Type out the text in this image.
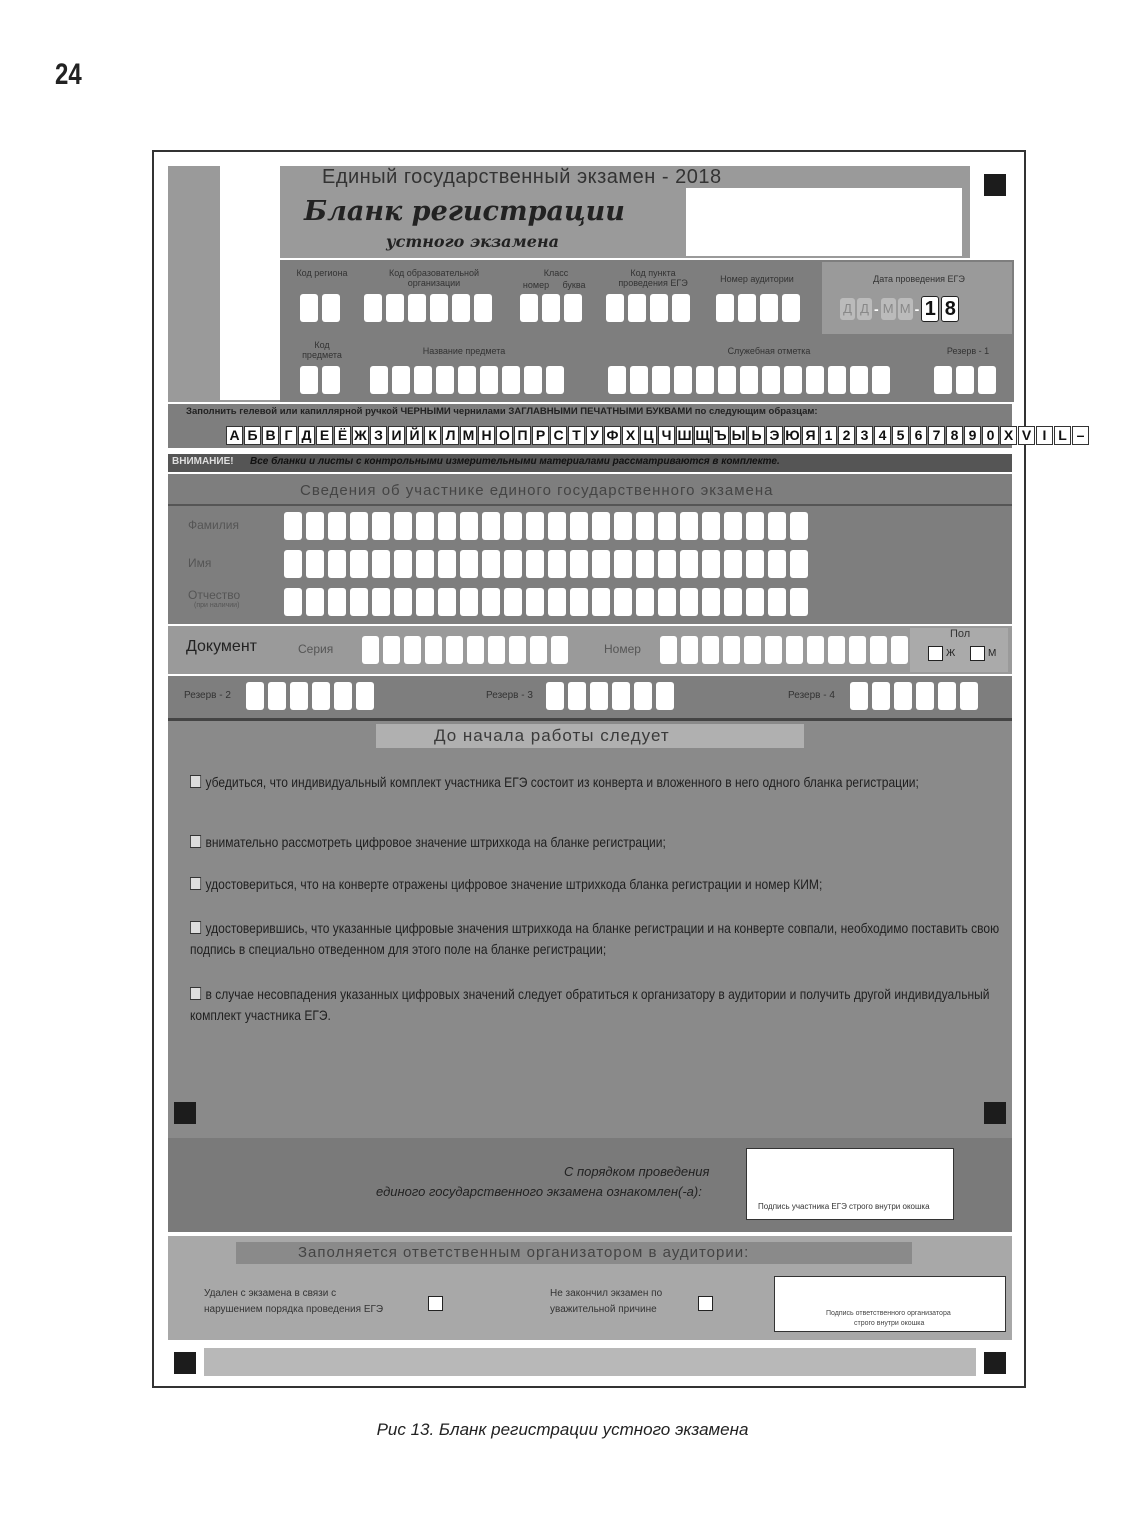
24
Единый государственный экзамен - 2018
Бланк регистрации
устного экзамена
Код региона	Код образовательной организации
Класс
номер	буква
Код пункта проведения ЕГЭ	Номер аудитории	Дата проведения ЕГЭ
Д Д - М М - 1 8
Код предмета	Название предмета	Служебная отметка	Резерв - 1
Заполнить гелевой или капиллярной ручкой ЧЕРНЫМИ чернилами ЗАГЛАВНЫМИ ПЕЧАТНЫМИ БУКВАМИ по следующим образцам:
А Б В Г Д Е Ё Ж З И Й К Л М Н О П Р С Т У Ф Х Ц Ч Ш Щ Ъ Ы Ь Э Ю Я 1 2 3 4 5 6 7 8 9 0 X V I L –
ВНИМАНИЕ! Все бланки и листы с контрольными измерительными материалами рассматриваются в комплекте.
Сведения об участнике единого государственного экзамена
Фамилия
Имя
Отчество
(при наличии)
Документ	Серия	Номер
Пол
Ж	М
Резерв - 2	Резерв - 3	Резерв - 4
До начала работы следует
убедиться, что индивидуальный комплект участника ЕГЭ состоит из конверта и вложенного в него одного бланка регистрации;
внимательно рассмотреть цифровое значение штрихкода на бланке регистрации;
удостовериться, что на конверте отражены цифровое значение штрихкода бланка регистрации и номер КИМ;
удостоверившись, что указанные цифровые значения штрихкода на бланке регистрации и на конверте совпали, необходимо поставить свою подпись в специально отведенном для этого поле на бланке регистрации;
в случае несовпадения указанных цифровых значений следует обратиться к организатору в аудитории и получить другой индивидуальный комплект участника ЕГЭ.
С порядком проведения
единого государственного экзамена ознакомлен(-а):
Подпись участника ЕГЭ строго внутри окошка
Заполняется ответственным организатором в аудитории:
Удален с экзамена в связи с
нарушением порядка проведения ЕГЭ
Не закончил экзамен по
уважительной причине	Подпись ответственного организатора
строго внутри окошка
Рис 13. Бланк регистрации устного экзамена
